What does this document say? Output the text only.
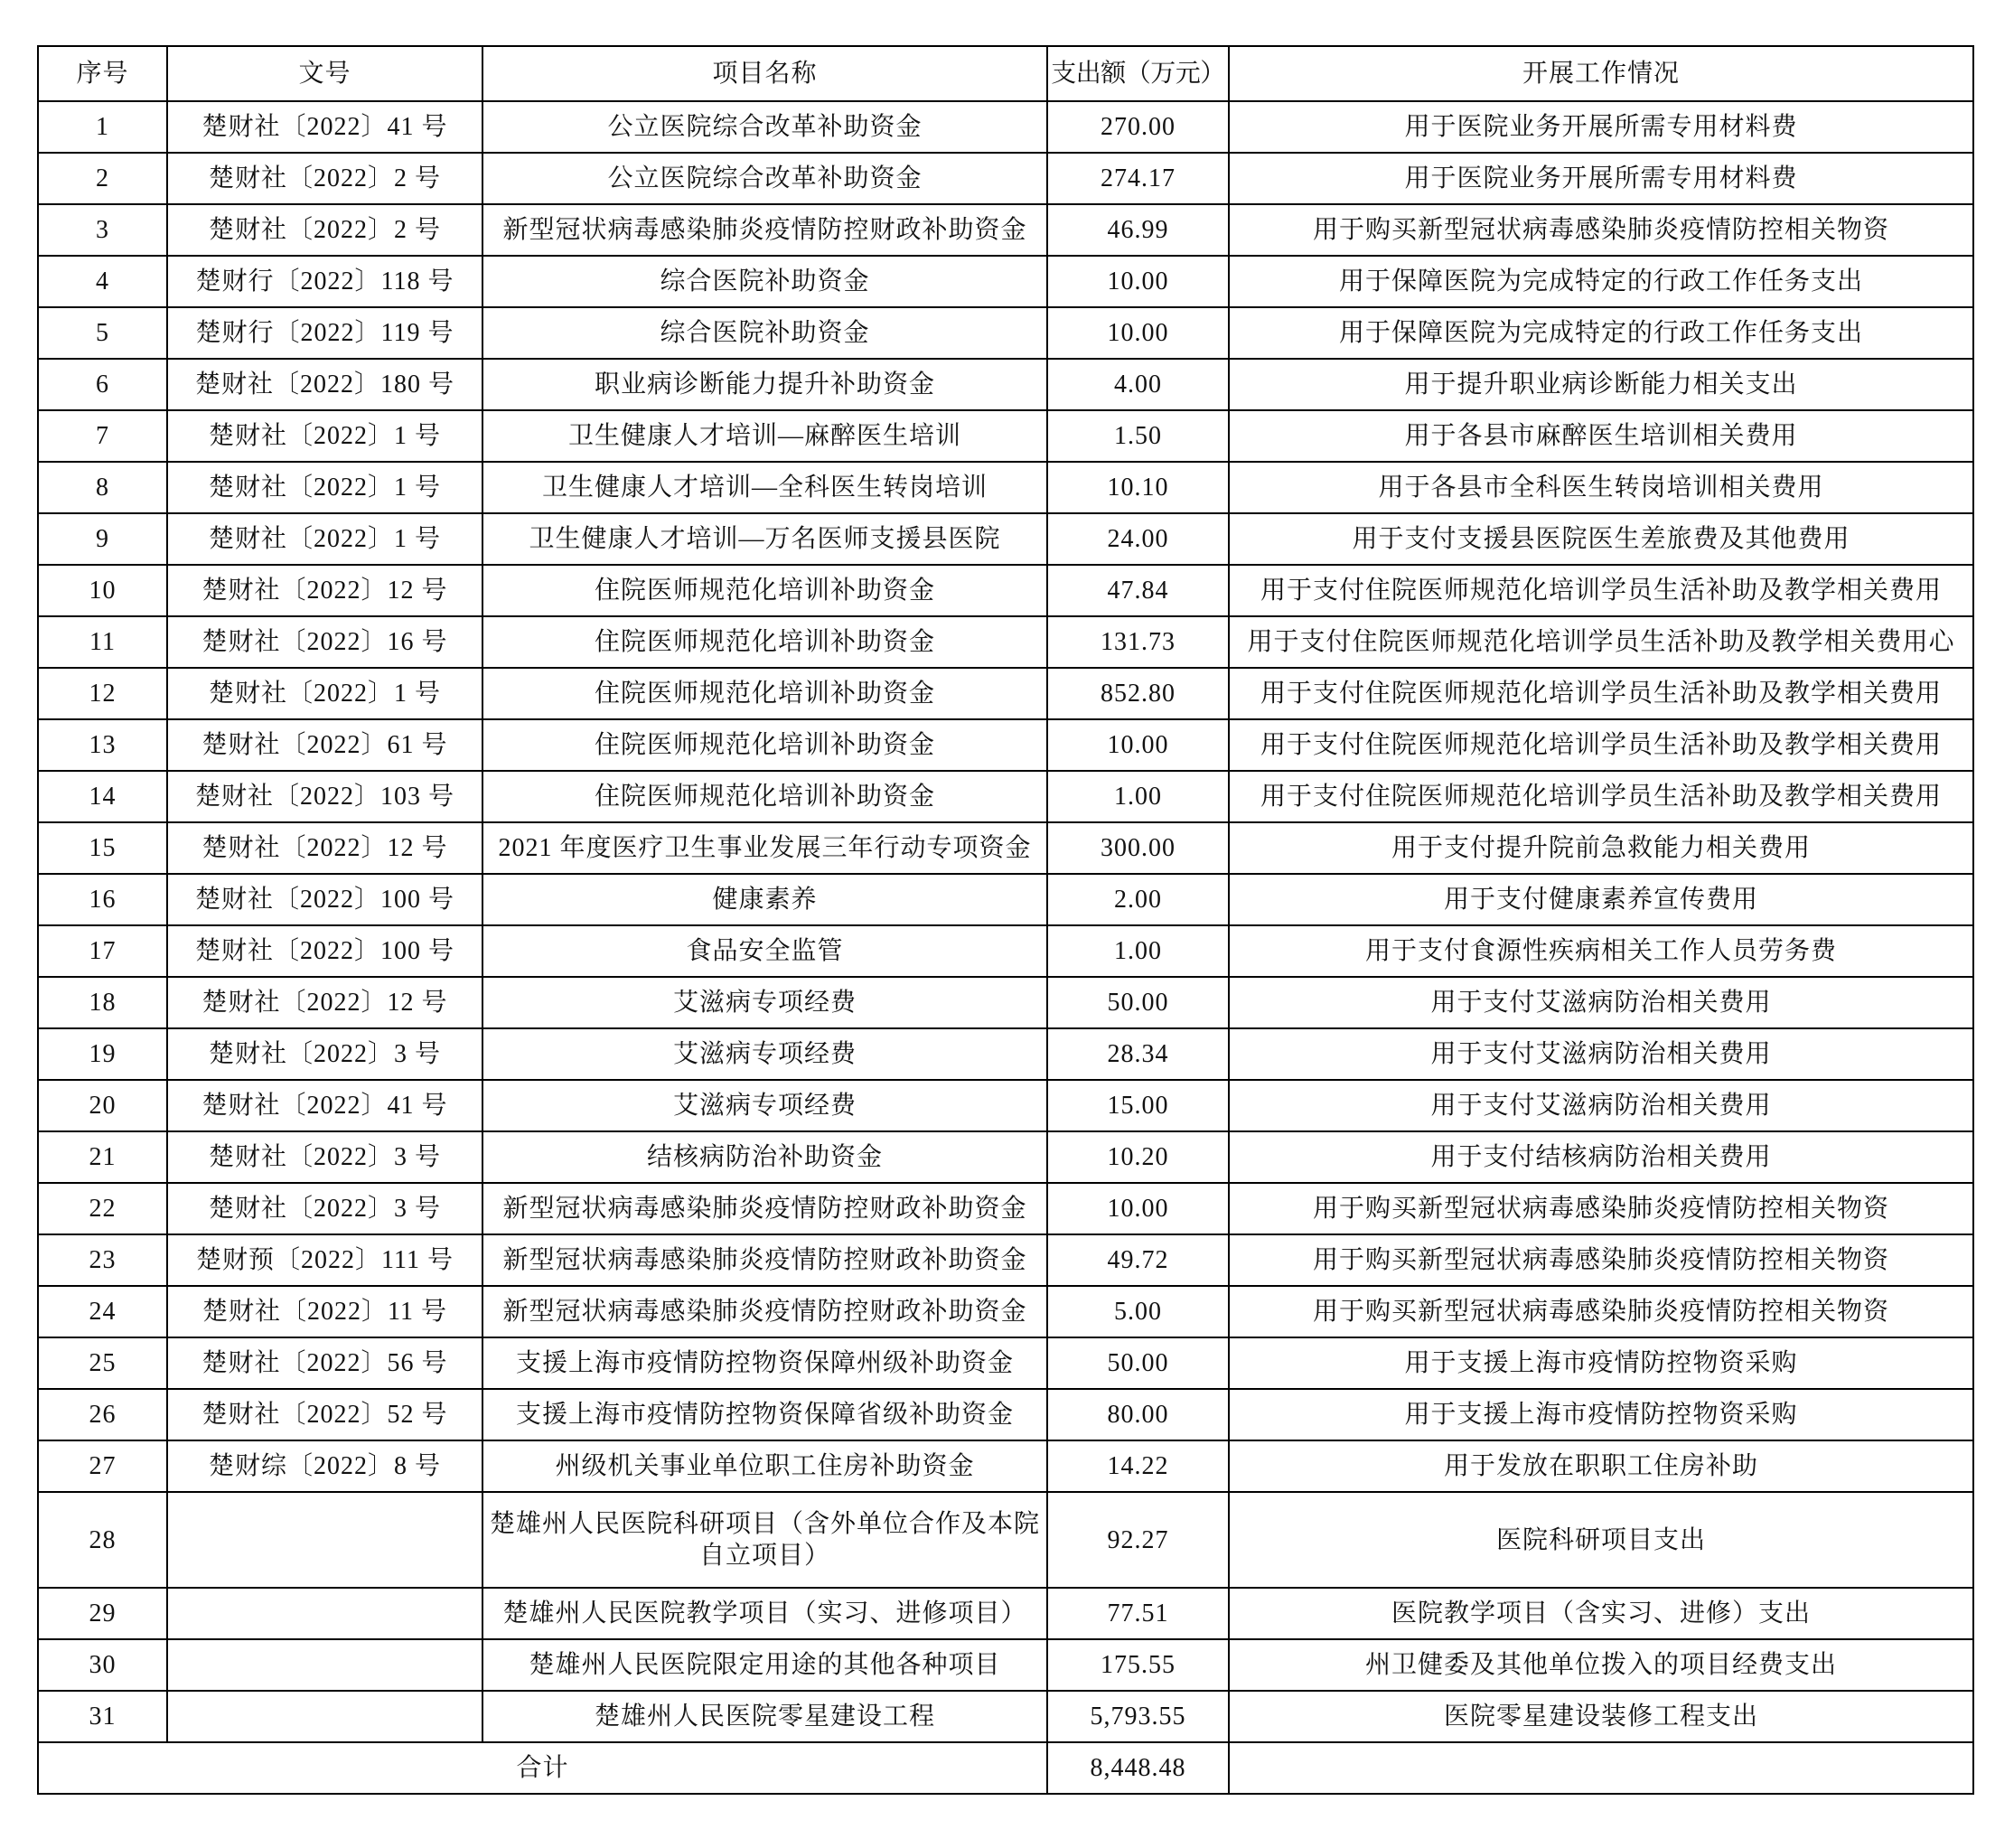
序号	文号	项目名称	支出额（万元）	开展工作情况
1	楚财社〔2022〕41 号	公立医院综合改革补助资金	270.00	用于医院业务开展所需专用材料费
2	楚财社〔2022〕2 号	公立医院综合改革补助资金	274.17	用于医院业务开展所需专用材料费
3	楚财社〔2022〕2 号	新型冠状病毒感染肺炎疫情防控财政补助资金	46.99	用于购买新型冠状病毒感染肺炎疫情防控相关物资
4	楚财行〔2022〕118 号	综合医院补助资金	10.00	用于保障医院为完成特定的行政工作任务支出
5	楚财行〔2022〕119 号	综合医院补助资金	10.00	用于保障医院为完成特定的行政工作任务支出
6	楚财社〔2022〕180 号	职业病诊断能力提升补助资金	4.00	用于提升职业病诊断能力相关支出
7	楚财社〔2022〕1 号	卫生健康人才培训—麻醉医生培训	1.50	用于各县市麻醉医生培训相关费用
8	楚财社〔2022〕1 号	卫生健康人才培训—全科医生转岗培训	10.10	用于各县市全科医生转岗培训相关费用
9	楚财社〔2022〕1 号	卫生健康人才培训—万名医师支援县医院	24.00	用于支付支援县医院医生差旅费及其他费用
10	楚财社〔2022〕12 号	住院医师规范化培训补助资金	47.84	用于支付住院医师规范化培训学员生活补助及教学相关费用
11	楚财社〔2022〕16 号	住院医师规范化培训补助资金	131.73	用于支付住院医师规范化培训学员生活补助及教学相关费用心
12	楚财社〔2022〕1 号	住院医师规范化培训补助资金	852.80	用于支付住院医师规范化培训学员生活补助及教学相关费用
13	楚财社〔2022〕61 号	住院医师规范化培训补助资金	10.00	用于支付住院医师规范化培训学员生活补助及教学相关费用
14	楚财社〔2022〕103 号	住院医师规范化培训补助资金	1.00	用于支付住院医师规范化培训学员生活补助及教学相关费用
15	楚财社〔2022〕12 号	2021 年度医疗卫生事业发展三年行动专项资金	300.00	用于支付提升院前急救能力相关费用
16	楚财社〔2022〕100 号	健康素养	2.00	用于支付健康素养宣传费用
17	楚财社〔2022〕100 号	食品安全监管	1.00	用于支付食源性疾病相关工作人员劳务费
18	楚财社〔2022〕12 号	艾滋病专项经费	50.00	用于支付艾滋病防治相关费用
19	楚财社〔2022〕3 号	艾滋病专项经费	28.34	用于支付艾滋病防治相关费用
20	楚财社〔2022〕41 号	艾滋病专项经费	15.00	用于支付艾滋病防治相关费用
21	楚财社〔2022〕3 号	结核病防治补助资金	10.20	用于支付结核病防治相关费用
22	楚财社〔2022〕3 号	新型冠状病毒感染肺炎疫情防控财政补助资金	10.00	用于购买新型冠状病毒感染肺炎疫情防控相关物资
23	楚财预〔2022〕111 号	新型冠状病毒感染肺炎疫情防控财政补助资金	49.72	用于购买新型冠状病毒感染肺炎疫情防控相关物资
24	楚财社〔2022〕11 号	新型冠状病毒感染肺炎疫情防控财政补助资金	5.00	用于购买新型冠状病毒感染肺炎疫情防控相关物资
25	楚财社〔2022〕56 号	支援上海市疫情防控物资保障州级补助资金	50.00	用于支援上海市疫情防控物资采购
26	楚财社〔2022〕52 号	支援上海市疫情防控物资保障省级补助资金	80.00	用于支援上海市疫情防控物资采购
27	楚财综〔2022〕8 号	州级机关事业单位职工住房补助资金	14.22	用于发放在职职工住房补助
28		楚雄州人民医院科研项目（含外单位合作及本院自立项目）	92.27	医院科研项目支出
29		楚雄州人民医院教学项目（实习、进修项目）	77.51	医院教学项目（含实习、进修）支出
30		楚雄州人民医院限定用途的其他各种项目	175.55	州卫健委及其他单位拨入的项目经费支出
31		楚雄州人民医院零星建设工程	5,793.55	医院零星建设装修工程支出
合计			8,448.48	
